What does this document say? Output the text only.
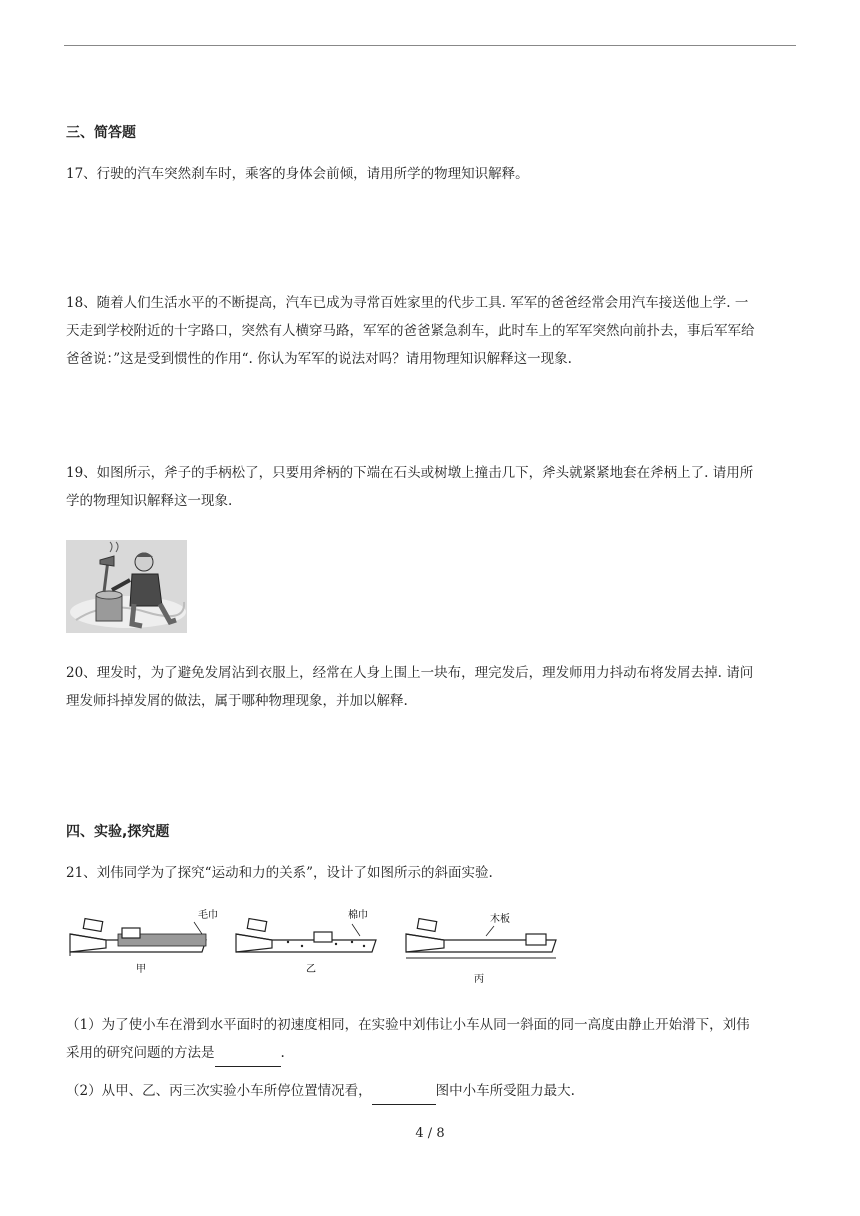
三、简答题
17、行驶的汽车突然刹车时，乘客的身体会前倾，请用所学的物理知识解释。
18、随着人们生活水平的不断提高，汽车已成为寻常百姓家里的代步工具. 军军的爸爸经常会用汽车接送他上学. 一
天走到学校附近的十字路口，突然有人横穿马路，军军的爸爸紧急刹车，此时车上的军军突然向前扑去，事后军军给
爸爸说：”这是受到惯性的作用“. 你认为军军的说法对吗？请用物理知识解释这一现象.
19、如图所示，斧子的手柄松了，只要用斧柄的下端在石头或树墩上撞击几下，斧头就紧紧地套在斧柄上了. 请用所
学的物理知识解释这一现象.
20、理发时，为了避免发屑沾到衣服上，经常在人身上围上一块布，理完发后，理发师用力抖动布将发屑去掉. 请问
理发师抖掉发屑的做法，属于哪种物理现象，并加以解释.
四、实验,探究题
21、刘伟同学为了探究“运动和力的关系”，设计了如图所示的斜面实验.
毛巾
甲
棉巾
乙
木板
丙
（1）为了使小车在滑到水平面时的初速度相同，在实验中刘伟让小车从同一斜面的同一高度由静止开始滑下，刘伟
采用的研究问题的方法是	.
（2）从甲、乙、丙三次实验小车所停位置情况看，	图中小车所受阻力最大.
4 / 8
